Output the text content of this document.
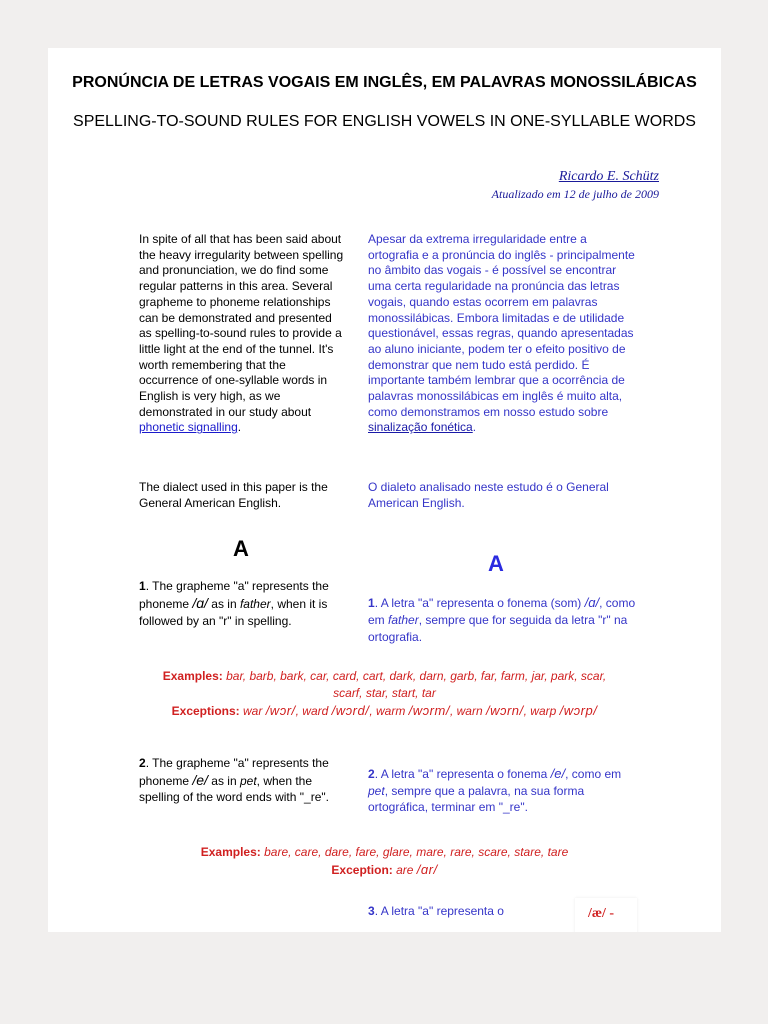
PRONÚNCIA DE LETRAS VOGAIS EM INGLÊS, EM PALAVRAS MONOSSILÁBICAS
SPELLING-TO-SOUND RULES FOR ENGLISH VOWELS IN ONE-SYLLABLE WORDS
Ricardo E. Schütz
Atualizado em 12 de julho de 2009

In spite of all that has been said about the heavy irregularity between spelling and pronunciation, we do find some regular patterns in this area. Several grapheme to phoneme relationships can be demonstrated and presented as spelling-to-sound rules to provide a little light at the end of the tunnel. It's worth remembering that the occurrence of one-syllable words in English is very high, as we demonstrated in our study about phonetic signalling.

The dialect used in this paper is the General American English.

Apesar da extrema irregularidade entre a ortografia e a pronúncia do inglês - principalmente no âmbito das vogais - é possível se encontrar uma certa regularidade na pronúncia das letras vogais, quando estas ocorrem em palavras monossilábicas. Embora limitadas e de utilidade questionável, essas regras, quando apresentadas ao aluno iniciante, podem ter o efeito positivo de demonstrar que nem tudo está perdido. É importante também lembrar que a ocorrência de palavras monossilábicas em inglês é muito alta, como demonstramos em nosso estudo sobre sinalização fonética.

O dialeto analisado neste estudo é o General American English.

A
A

1. The grapheme "a" represents the phoneme /ɑ/ as in father, when it is followed by an "r" in spelling.

1. A letra "a" representa o fonema (som) /ɑ/, como em father, sempre que for seguida da letra "r" na ortografia.

Examples: bar, barb, bark, car, card, cart, dark, darn, garb, far, farm, jar, park, scar, scarf, star, start, tar

Exceptions: war /wɔr/, ward /wɔrd/, warm /wɔrm/, warn /wɔrn/, warp /wɔrp/

2. The grapheme "a" represents the phoneme /e/ as in pet, when the spelling of the word ends with "_re".

2. A letra "a" representa o fonema /e/, como em pet, sempre que a palavra, na sua forma ortográfica, terminar em "_re".

Examples: bare, care, dare, fare, glare, mare, rare, scare, stare, tare

Exception: are /ɑr/

3. A letra "a" representa o	/æ/ -
